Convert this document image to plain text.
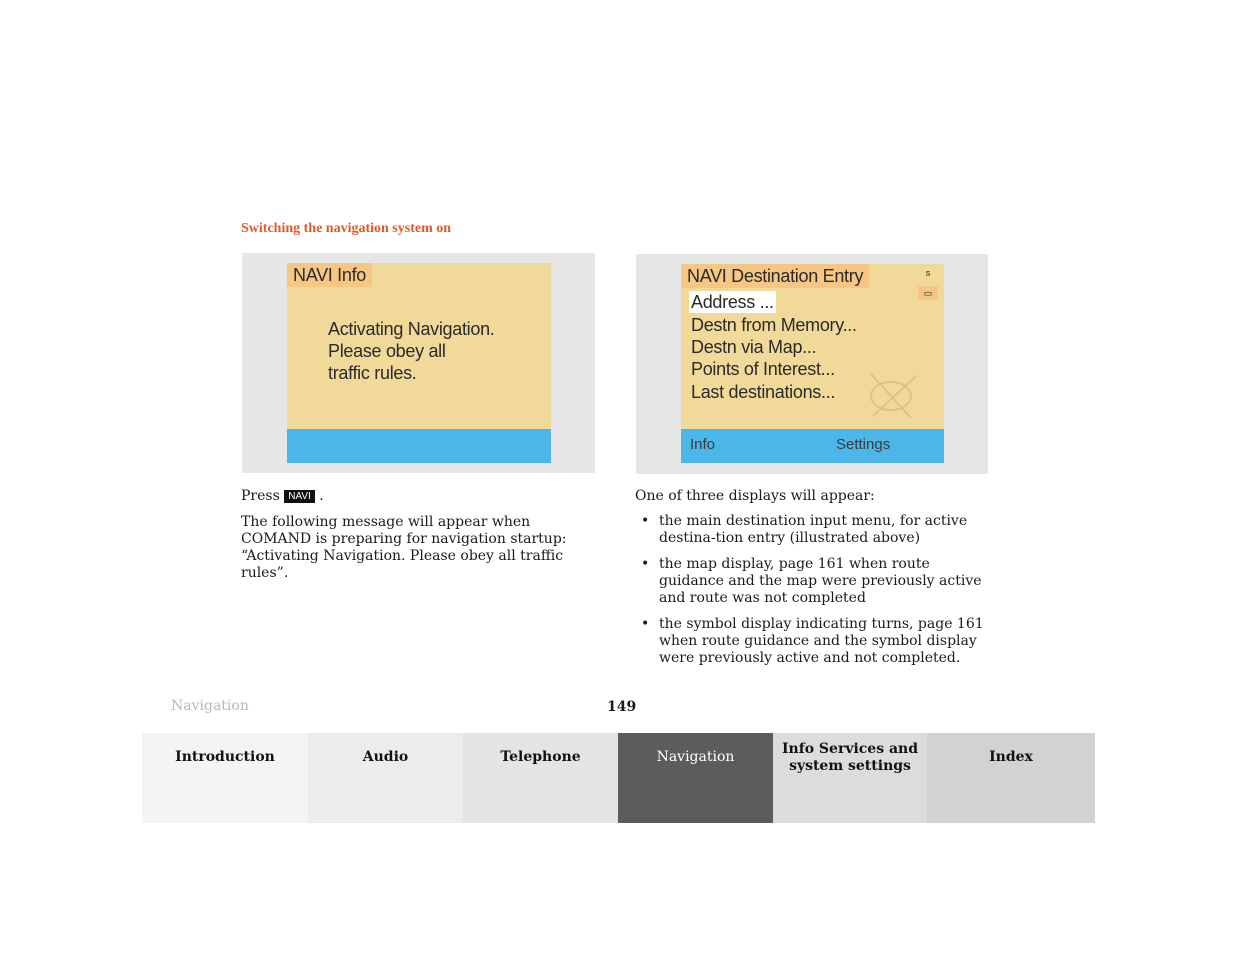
Switching the navigation system on
NAVI Info
Activating Navigation.
Please obey all
traffic rules.
NAVI Destination Entry	s
▭
Address ...
Destn from Memory...
Destn via Map...
Points of Interest...
Last destinations...
Info	Settings
Press NAVI .
The following message will appear when COMAND is preparing for navigation startup: “Activating Navigation. Please obey all traffic rules”.
One of three displays will appear:
• the main destination input menu, for active destina-tion entry (illustrated above)
• the map display, page 161 when route guidance and the map were previously active and route was not completed
• the symbol display indicating turns, page 161 when route guidance and the symbol display were previously active and not completed.
Navigation	149
Introduction	Audio	Telephone	Navigation	Info Services and system settings
Index
